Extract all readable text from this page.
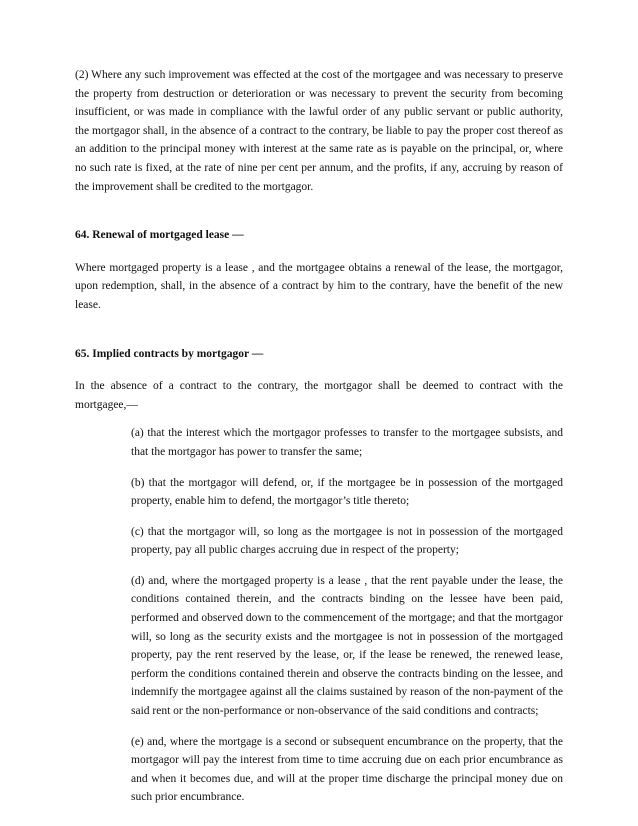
(2) Where any such improvement was effected at the cost of the mortgagee and was necessary to preserve the property from destruction or deterioration or was necessary to prevent the security from becoming insufficient, or was made in compliance with the lawful order of any public servant or public authority, the mortgagor shall, in the absence of a contract to the contrary, be liable to pay the proper cost thereof as an addition to the principal money with interest at the same rate as is payable on the principal, or, where no such rate is fixed, at the rate of nine per cent per annum, and the profits, if any, accruing by reason of the improvement shall be credited to the mortgagor.

64. Renewal of mortgaged lease —

Where mortgaged property is a lease , and the mortgagee obtains a renewal of the lease, the mortgagor, upon redemption, shall, in the absence of a contract by him to the contrary, have the benefit of the new lease.

65. Implied contracts by mortgagor —

In the absence of a contract to the contrary, the mortgagor shall be deemed to contract with the mortgagee,—

(a) that the interest which the mortgagor professes to transfer to the mortgagee subsists, and that the mortgagor has power to transfer the same;

(b) that the mortgagor will defend, or, if the mortgagee be in possession of the mortgaged property, enable him to defend, the mortgagor’s title thereto;

(c) that the mortgagor will, so long as the mortgagee is not in possession of the mortgaged property, pay all public charges accruing due in respect of the property;

(d) and, where the mortgaged property is a lease , that the rent payable under the lease, the conditions contained therein, and the contracts binding on the lessee have been paid, performed and observed down to the commencement of the mortgage; and that the mortgagor will, so long as the security exists and the mortgagee is not in possession of the mortgaged property, pay the rent reserved by the lease, or, if the lease be renewed, the renewed lease, perform the conditions contained therein and observe the contracts binding on the lessee, and indemnify the mortgagee against all the claims sustained by reason of the non-payment of the said rent or the non-performance or non-observance of the said conditions and contracts;

(e) and, where the mortgage is a second or subsequent encumbrance on the property, that the mortgagor will pay the interest from time to time accruing due on each prior encumbrance as and when it becomes due, and will at the proper time discharge the principal money due on such prior encumbrance.
